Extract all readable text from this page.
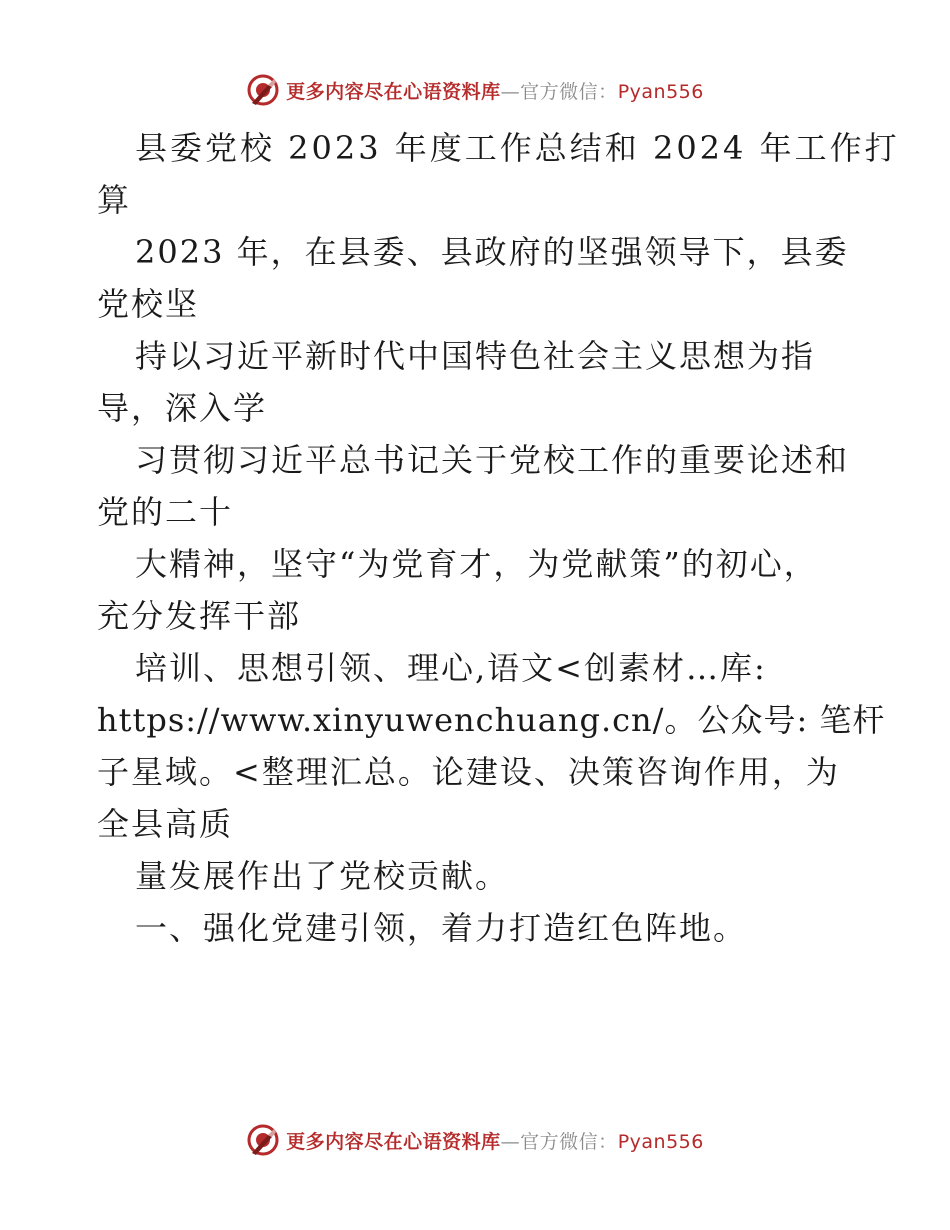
更多内容尽在心语资料库—官方微信：Pyan556
县委党校 2023 年度工作总结和 2024 年工作打
算
2023 年，在县委、县政府的坚强领导下，县委
党校坚
持以习近平新时代中国特色社会主义思想为指
导，深入学
习贯彻习近平总书记关于党校工作的重要论述和
党的二十
大精神，坚守“为党育才，为党献策”的初心，
充分发挥干部
培训、思想引领、理心,语文<创素材…库:
https://www.xinyuwenchuang.cn/。公众号: 笔杆
子星域。<整理汇总。论建设、决策咨询作用，为
全县高质
量发展作出了党校贡献。
一、强化党建引领，着力打造红色阵地。
更多内容尽在心语资料库—官方微信：Pyan556
